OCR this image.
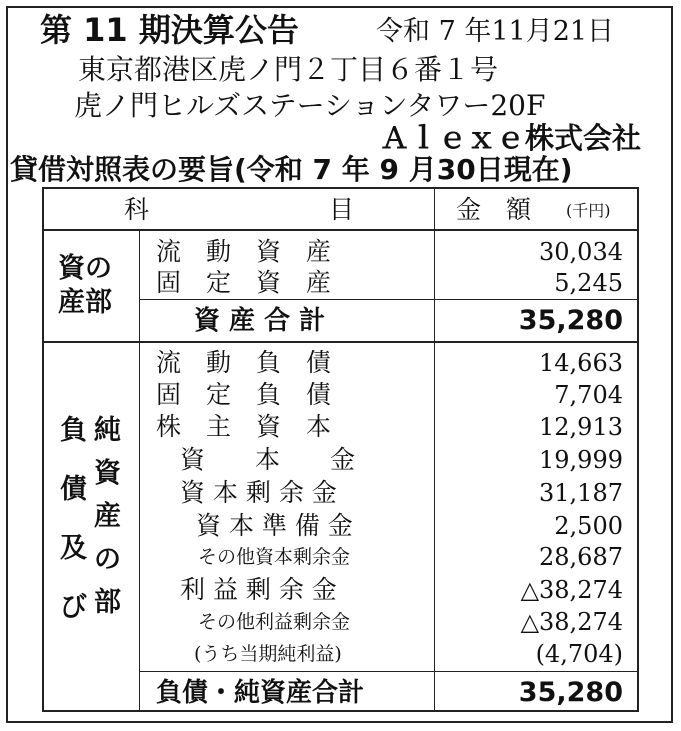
第 11 期決算公告	令和 7 年11月21日
東京都港区虎ノ門２丁目６番１号
虎ノ門ヒルズステーションタワー20F
Ａｌｅｘｅ株式会社
貸借対照表の要旨(令和 7 年 9 月30日現在)
科	目	金　額 (千円)
資の
産部
流　動　資　産	30,034
固　定　資　産	5,245
資 産 合 計	35,280
負
債
及
び
純
資
産
の
部
流　動　負　債	14,663
固　定　負　債	7,704
株　主　資　本	12,913
資　　本　　金	19,999
資 本 剰 余 金	31,187
資 本 準 備 金	2,500
その他資本剰余金	28,687
利 益 剰 余 金	△38,274
その他利益剰余金	△38,274
(うち当期純利益)	(4,704)
負債・純資産合計	35,280
